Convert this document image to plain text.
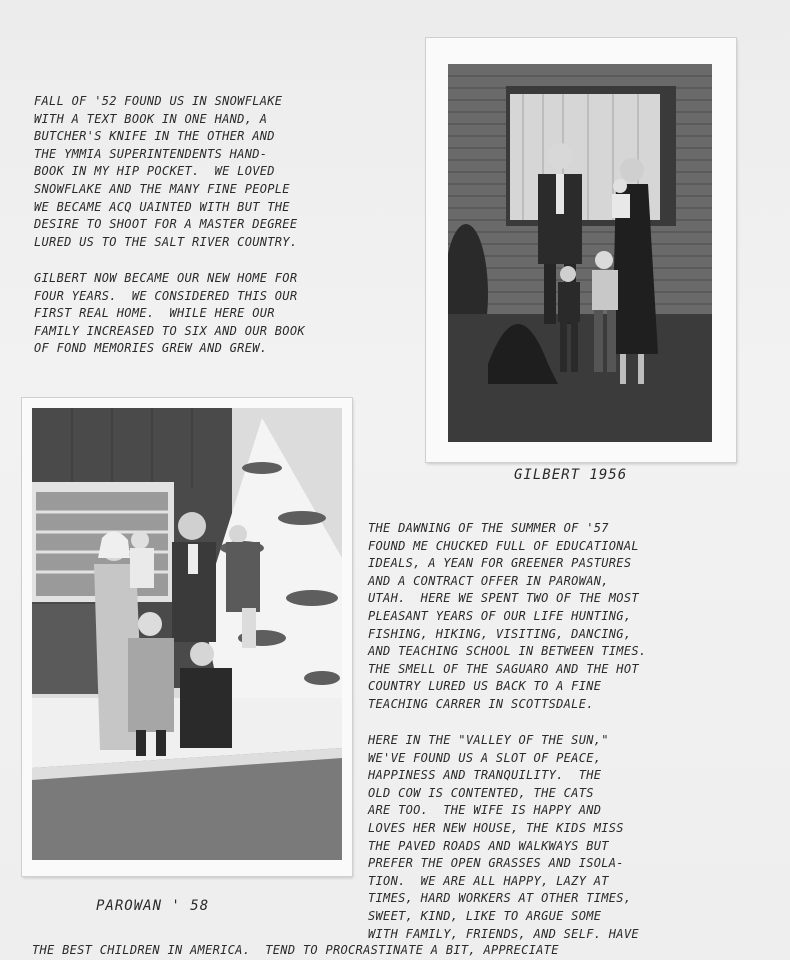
FALL OF '52 FOUND US IN SNOWFLAKE
WITH A TEXT BOOK IN ONE HAND, A
BUTCHER'S KNIFE IN THE OTHER AND
THE YMMIA SUPERINTENDENTS HAND-
BOOK IN MY HIP POCKET.  WE LOVED
SNOWFLAKE AND THE MANY FINE PEOPLE
WE BECAME ACQ UAINTED WITH BUT THE
DESIRE TO SHOOT FOR A MASTER DEGREE
LURED US TO THE SALT RIVER COUNTRY.
GILBERT NOW BECAME OUR NEW HOME FOR
FOUR YEARS.  WE CONSIDERED THIS OUR
FIRST REAL HOME.  WHILE HERE OUR
FAMILY INCREASED TO SIX AND OUR BOOK
OF FOND MEMORIES GREW AND GREW.
GILBERT 1956
PAROWAN ' 58
THE DAWNING OF THE SUMMER OF '57
FOUND ME CHUCKED FULL OF EDUCATIONAL
IDEALS, A YEAN FOR GREENER PASTURES
AND A CONTRACT OFFER IN PAROWAN,
UTAH.  HERE WE SPENT TWO OF THE MOST
PLEASANT YEARS OF OUR LIFE HUNTING,
FISHING, HIKING, VISITING, DANCING,
AND TEACHING SCHOOL IN BETWEEN TIMES.
THE SMELL OF THE SAGUARO AND THE HOT
COUNTRY LURED US BACK TO A FINE
TEACHING CARRER IN SCOTTSDALE.
HERE IN THE "VALLEY OF THE SUN,"
WE'VE FOUND US A SLOT OF PEACE,
HAPPINESS AND TRANQUILITY.  THE
OLD COW IS CONTENTED, THE CATS
ARE TOO.  THE WIFE IS HAPPY AND
LOVES HER NEW HOUSE, THE KIDS MISS
THE PAVED ROADS AND WALKWAYS BUT
PREFER THE OPEN GRASSES AND ISOLA-
TION.  WE ARE ALL HAPPY, LAZY AT
TIMES, HARD WORKERS AT OTHER TIMES,
SWEET, KIND, LIKE TO ARGUE SOME
WITH FAMILY, FRIENDS, AND SELF. HAVE
THE BEST CHILDREN IN AMERICA.  TEND TO PROCRASTINATE A BIT, APPRECIATE
